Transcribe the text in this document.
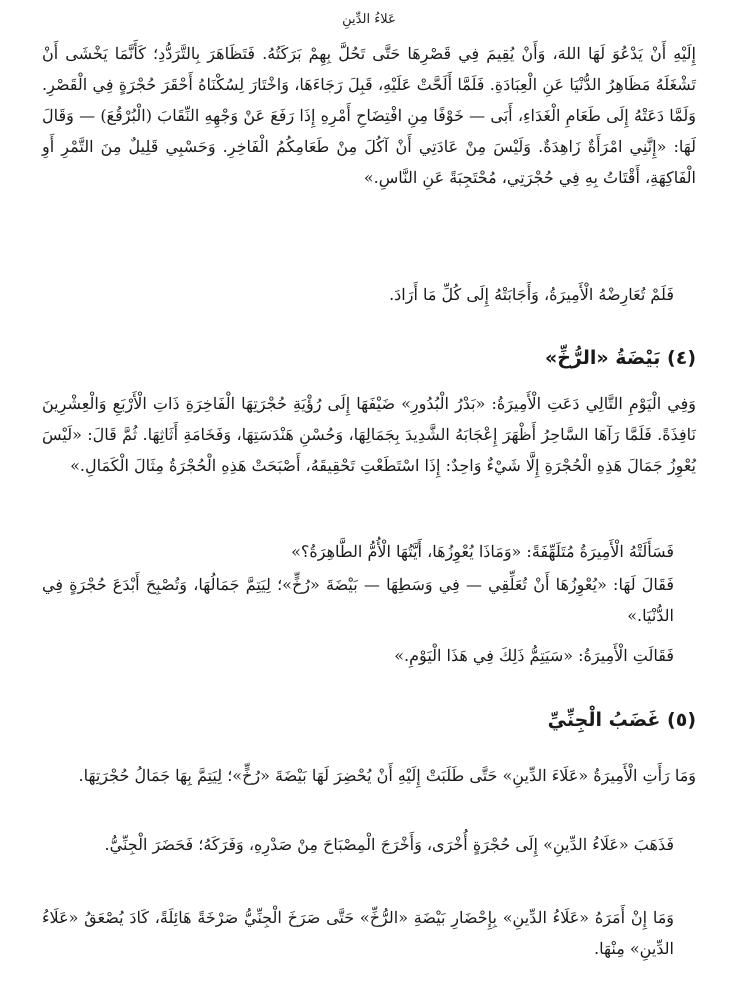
عَلاءُ الدِّينِ

إِلَيْهِ أَنْ يَدْعُوَ لَهَا اللهَ، وَأَنْ يُقِيمَ فِي قَصْرِهَا حَتَّى تَحُلَّ بِهِمْ بَرَكَتُهُ. فَتَظَاهَرَ بِالتَّرَدُّدِ؛ كَأَنَّمَا يَخْشَى أَنْ تَشْغَلَهُ مَظَاهِرُ الدُّنْيَا عَنِ الْعِبَادَةِ. فَلَمَّا أَلَحَّتْ عَلَيْهِ، قَبِلَ رَجَاءَهَا، وَاخْتَارَ لِسُكْنَاهُ أَحْقَرَ حُجْرَةٍ فِي الْقَصْرِ. وَلَمَّا دَعَتْهُ إِلَى طَعَامِ الْغَدَاءِ، أَبَى — خَوْفًا مِنِ افْتِضَاحِ أَمْرِهِ إِذَا رَفَعَ عَنْ وَجْهِهِ النِّقَابَ (الْبُرْقُعَ) — وَقَالَ لَهَا: «إِنَّنِي امْرَأَةٌ زَاهِدَةٌ. وَلَيْسَ مِنْ عَادَتِي أَنْ آكُلَ مِنْ طَعَامِكُمُ الْفَاخِرِ. وَحَسْبِي قَلِيلٌ مِنَ التَّمْرِ أَوِ الْفَاكِهَةِ، أَقْتَاتُ بِهِ فِي حُجْرَتِي، مُحْتَجِبَةً عَنِ النَّاسِ.»

فَلَمْ تُعَارِضْهُ الْأَمِيرَةُ، وَأَجَابَتْهُ إِلَى كُلِّ مَا أَرَادَ.

(٤) بَيْضَةُ «الرُّخِّ»

وَفِي الْيَوْمِ التَّالِي دَعَتِ الْأَمِيرَةُ: «بَدْرُ الْبُدُورِ» ضَيْفَهَا إِلَى رُؤْيَةِ حُجْرَتِهَا الْفَاخِرَةِ ذَاتِ الْأَرْبَعِ وَالْعِشْرِينَ نَافِذَةً. فَلَمَّا رَآهَا السَّاحِرُ أَظْهَرَ إِعْجَابَهُ الشَّدِيدَ بِجَمَالِهَا، وَحُسْنِ هَنْدَسَتِهَا، وَفَخَامَةِ أَثَاثِهَا. ثُمَّ قَالَ: «لَيْسَ يُعْوِزُ جَمَالَ هَذِهِ الْحُجْرَةِ إِلَّا شَيْءٌ وَاحِدٌ: إِذَا اسْتَطَعْتِ تَحْقِيقَهُ، أَصْبَحَتْ هَذِهِ الْحُجْرَةُ مِثَالَ الْكَمَالِ.»

فَسَأَلَتْهُ الْأَمِيرَةُ مُتَلَهِّفَةً: «وَمَاذَا يُعْوِزُهَا، أَيَّتُهَا الْأُمُّ الطَّاهِرَةُ؟»

فَقَالَ لَهَا: «يُعْوِزُهَا أَنْ تُعَلِّقِي — فِي وَسَطِهَا — بَيْضَةَ «رُخٍّ»؛ لِيَتِمَّ جَمَالُهَا، وَتُصْبِحَ أَبْدَعَ حُجْرَةٍ فِي الدُّنْيَا.»

فَقَالَتِ الْأَمِيرَةُ: «سَيَتِمُّ ذَلِكَ فِي هَذَا الْيَوْمِ.»

(٥) غَضَبُ الْجِنِّيِّ

وَمَا رَأَتِ الْأَمِيرَةُ «عَلَاءَ الدِّينِ» حَتَّى طَلَبَتْ إِلَيْهِ أَنْ يُحْضِرَ لَهَا بَيْضَةَ «رُخٍّ»؛ لِيَتِمَّ بِهَا جَمَالُ حُجْرَتِهَا.

فَذَهَبَ «عَلَاءُ الدِّينِ» إِلَى حُجْرَةٍ أُخْرَى، وَأَخْرَجَ الْمِصْبَاحَ مِنْ صَدْرِهِ، وَفَرَكَهُ؛ فَحَضَرَ الْجِنِّيُّ.

وَمَا إِنْ أَمَرَهُ «عَلَاءُ الدِّينِ» بِإِحْضَارِ بَيْضَةِ «الرُّخِّ» حَتَّى صَرَخَ الْجِنِّيُّ صَرْخَةً هَائِلَةً، كَادَ يُصْعَقُ «عَلَاءُ الدِّينِ» مِنْهَا.
